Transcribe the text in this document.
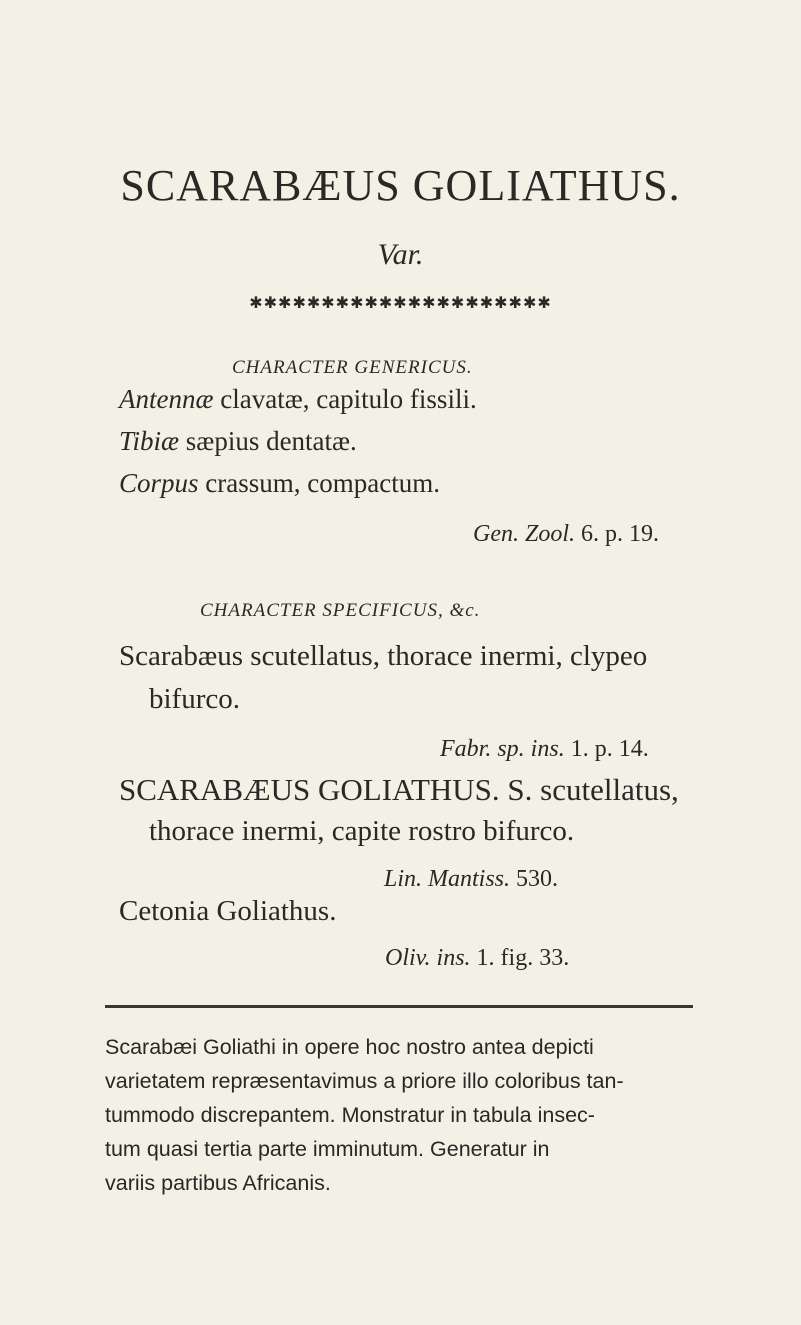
SCARABÆUS GOLIATHUS.
Var.
✱✱✱✱✱✱✱✱✱✱✱✱✱✱✱✱✱✱✱✱✱
CHARACTER GENERICUS.
Antennæ clavatæ, capitulo fissili.
Tibiæ sæpius dentatæ.
Corpus crassum, compactum.
Gen. Zool. 6. p. 19.
CHARACTER SPECIFICUS, &c.
Scarabæus scutellatus, thorace inermi, clypeo
bifurco.
Fabr. sp. ins. 1. p. 14.
SCARABÆUS GOLIATHUS. S. scutellatus,
thorace inermi, capite rostro bifurco.
Lin. Mantiss. 530.
Cetonia Goliathus.
Oliv. ins. 1. fig. 33.
Scarabæi Goliathi in opere hoc nostro antea depicti
varietatem repræsentavimus a priore illo coloribus tan-
tummodo discrepantem. Monstratur in tabula insec-
tum quasi tertia parte imminutum. Generatur in
variis partibus Africanis.
